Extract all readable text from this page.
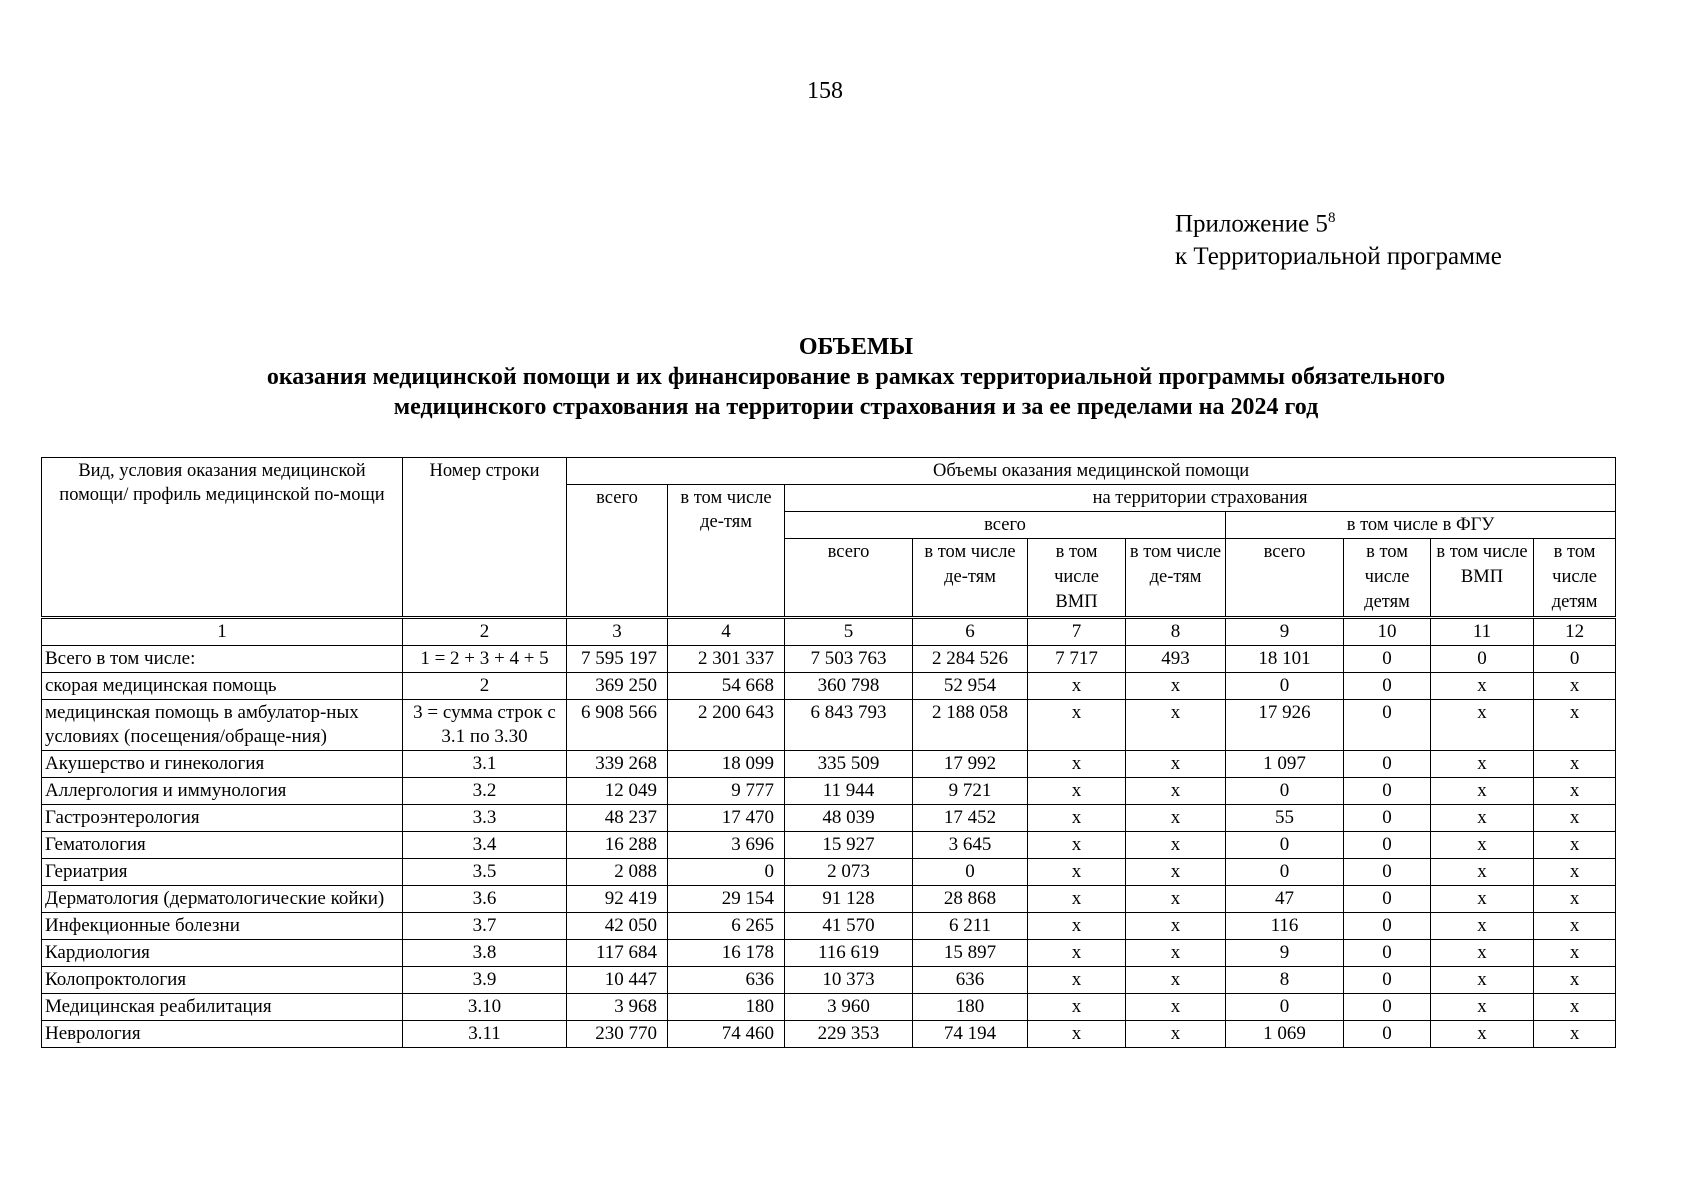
158
Приложение $5^8$
к Территориальной программе
ОБЪЕМЫ
оказания медицинской помощи и их финансирование в рамках территориальной программы обязательного
медицинского страхования на территории страхования и за ее пределами на 2024 год
Вид, условия оказания медицинской помощи/ профиль медицинской по-мощи	Номер строки	Объемы оказания медицинской помощи									
		всего	в том числе де-тям	на территории страхования							
				всего				в том числе в ФГУ			
				всего	в том числе де-тям	в том числе ВМП	в том числе де-тям	всего	в том числе детям	в том числе ВМП	в том числе детям
1	2	3	4	5	6	7	8	9	10	11	12
Всего в том числе:	1 = 2 + 3 + 4 + 5	7 595 197	2 301 337	7 503 763	2 284 526	7 717	493	18 101	0	0	0
скорая медицинская помощь	2	369 250	54 668	360 798	52 954	x	x	0	0	x	x
медицинская помощь в амбулатор-ных условиях (посещения/обраще-ния)	3 = сумма строк с 3.1 по 3.30	6 908 566	2 200 643	6 843 793	2 188 058	x	x	17 926	0	x	x
Акушерство и гинекология	3.1	339 268	18 099	335 509	17 992	x	x	1 097	0	x	x
Аллергология и иммунология	3.2	12 049	9 777	11 944	9 721	x	x	0	0	x	x
Гастроэнтерология	3.3	48 237	17 470	48 039	17 452	x	x	55	0	x	x
Гематология	3.4	16 288	3 696	15 927	3 645	x	x	0	0	x	x
Гериатрия	3.5	2 088	0	2 073	0	x	x	0	0	x	x
Дерматология (дерматологические койки)	3.6	92 419	29 154	91 128	28 868	x	x	47	0	x	x
Инфекционные болезни	3.7	42 050	6 265	41 570	6 211	x	x	116	0	x	x
Кардиология	3.8	117 684	16 178	116 619	15 897	x	x	9	0	x	x
Колопроктология	3.9	10 447	636	10 373	636	x	x	8	0	x	x
Медицинская реабилитация	3.10	3 968	180	3 960	180	x	x	0	0	x	x
Неврология	3.11	230 770	74 460	229 353	74 194	x	x	1 069	0	x	x
